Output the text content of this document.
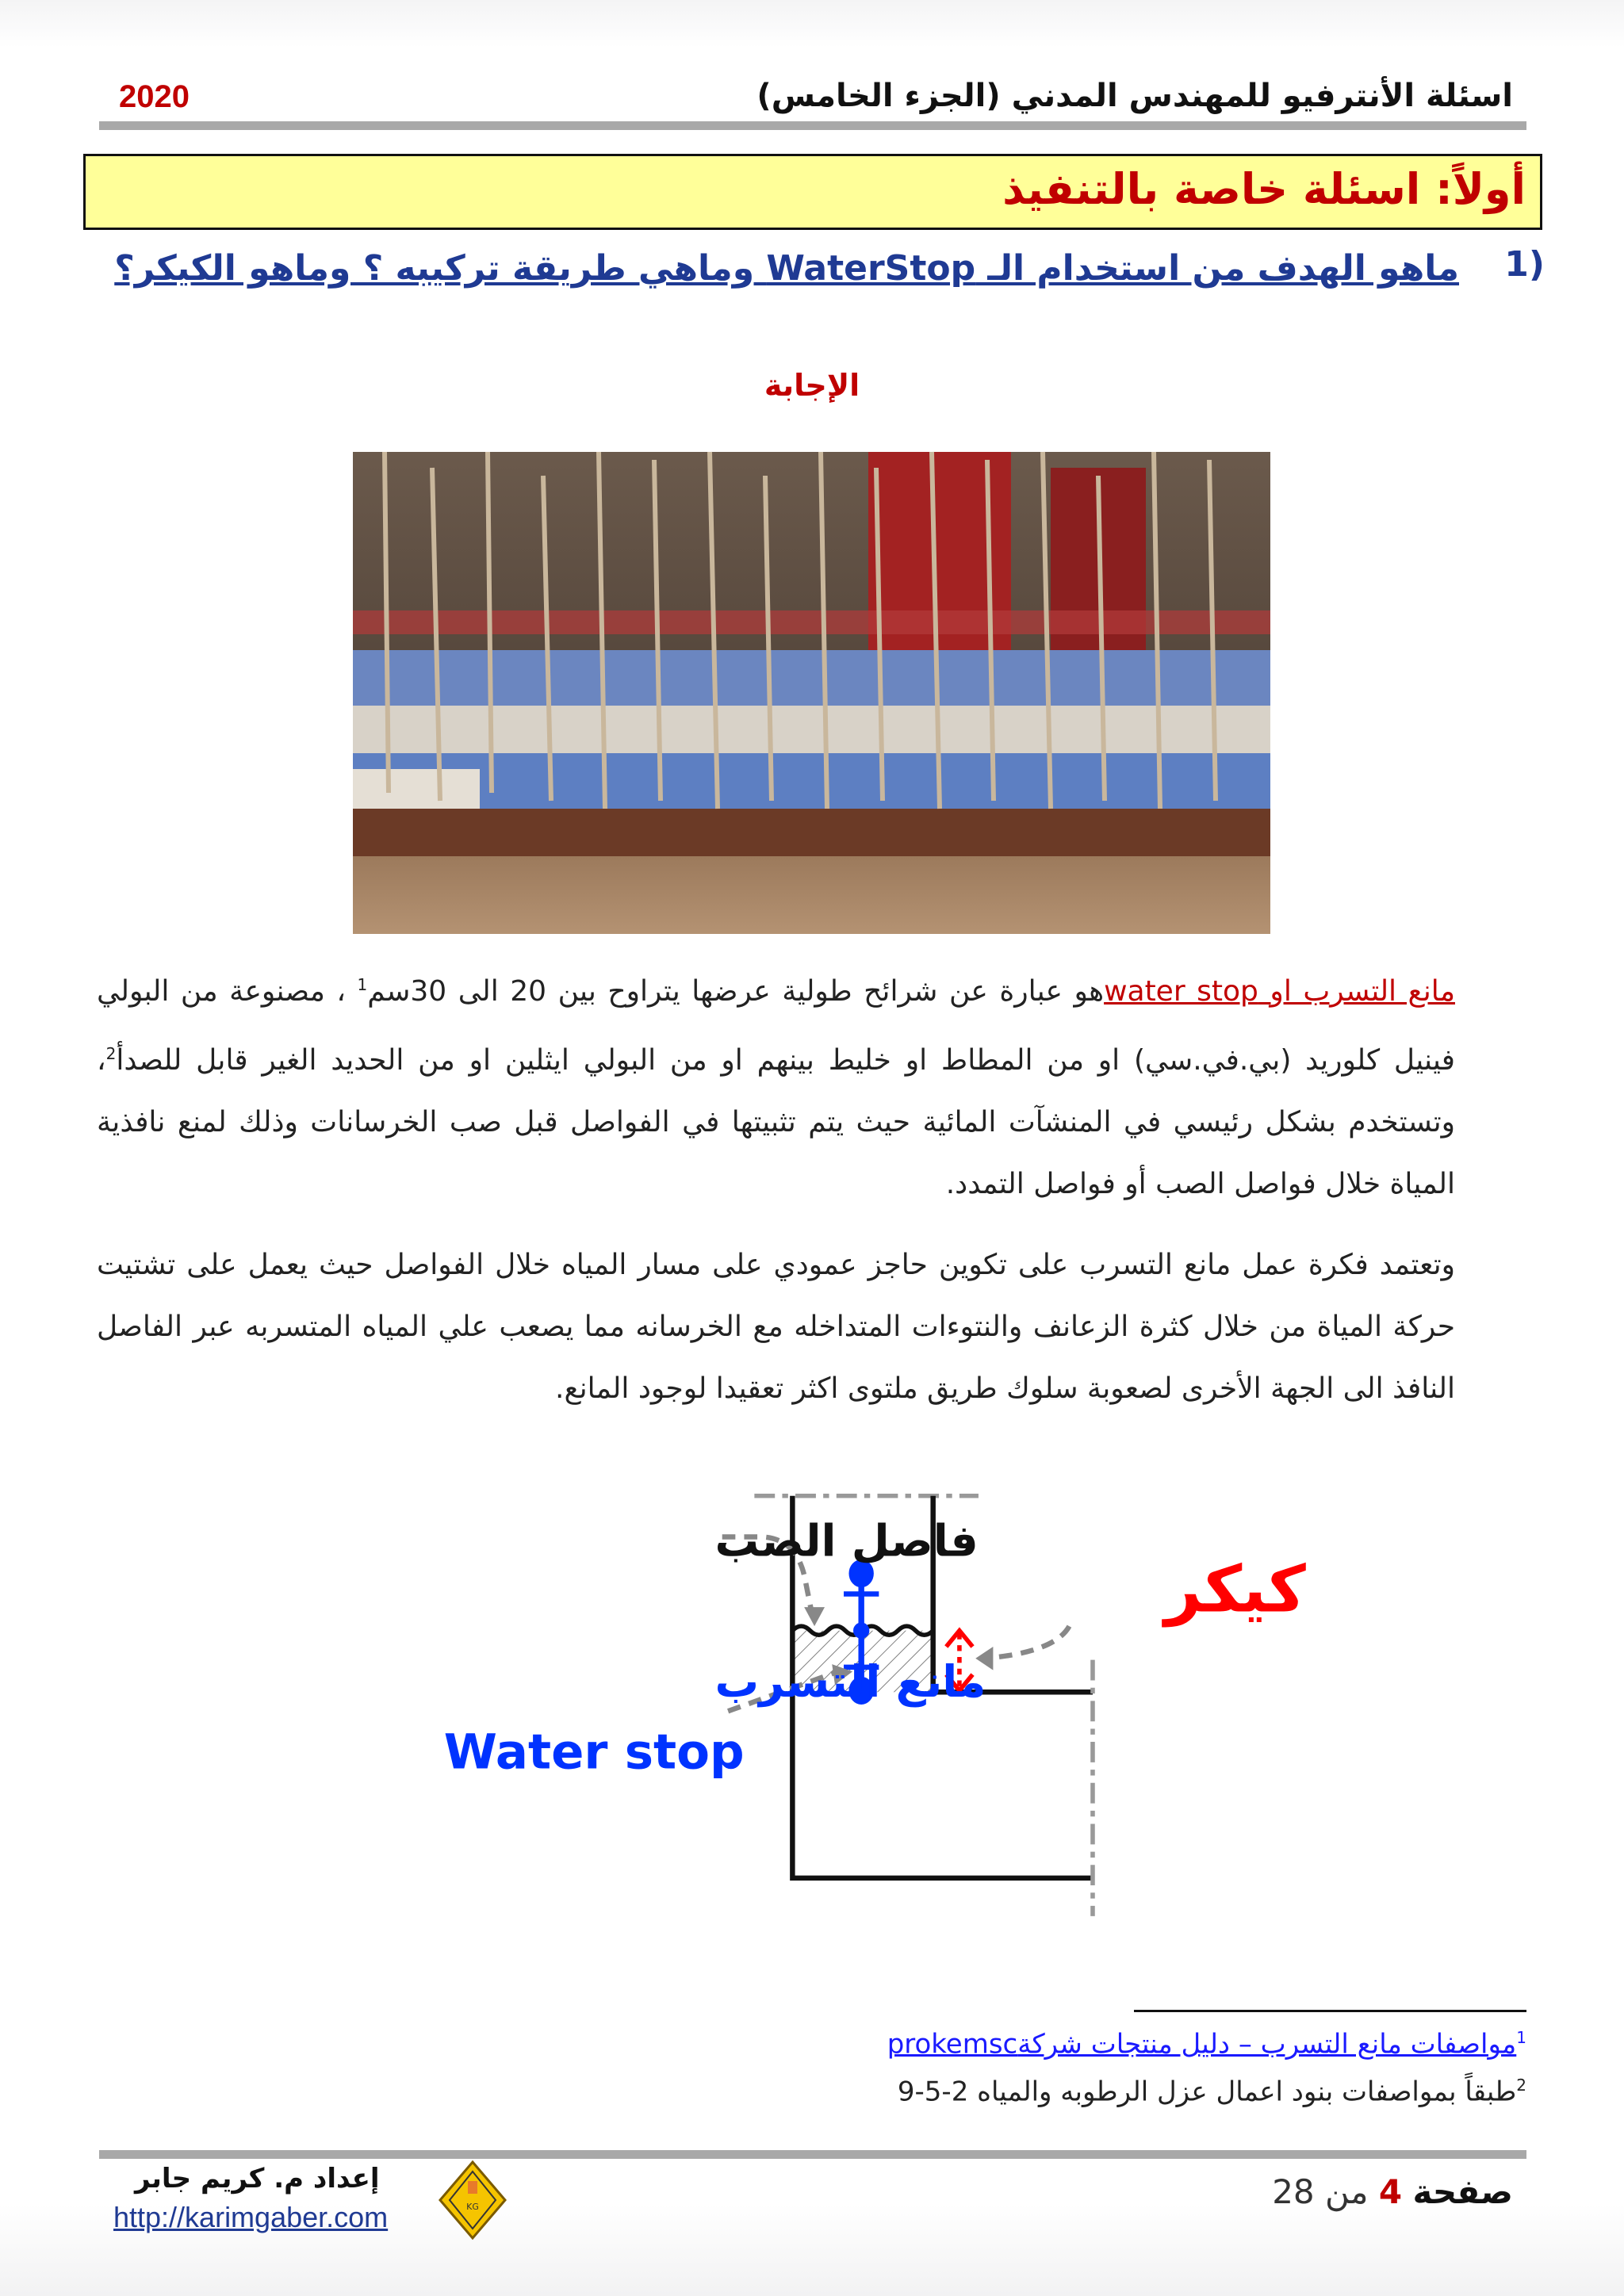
اسئلة الأنترفيو للمهندس المدني (الجزء الخامس)
2020
أولاً: اسئلة خاصة بالتنفيذ
1)
ماهو الهدف من استخدام الـ WaterStop وماهي طريقة تركيبه ؟ وماهو الكيكر؟
الإجابة
مانع التسرب او water stopهو عبارة عن شرائح طولية عرضها يتراوح بين 20 الى 30سم$^1$ ، مصنوعة من البولي فينيل كلوريد (بي.في.سي) او من المطاط او خليط بينهم او من البولي ايثلين او من الحديد الغير قابل للصدأ$^2$، وتستخدم بشكل رئيسي في المنشآت المائية حيث يتم تثبيتها في الفواصل قبل صب الخرسانات وذلك لمنع نافذية المياة خلال فواصل الصب أو فواصل التمدد.
وتعتمد فكرة عمل مانع التسرب على تكوين حاجز عمودي على مسار المياه خلال الفواصل حيث يعمل على تشتيت حركة المياة من خلال كثرة الزعانف والنتوءات المتداخله مع الخرسانه مما يصعب علي المياه المتسربه عبر الفاصل النافذ الى الجهة الأخرى لصعوبة سلوك طريق ملتوى اكثر تعقيدا لوجود المانع.
فاصل الصب
مانع التسرب
Water stop
كيكر
$^1$مواصفات مانع التسرب – دليل منتجات شركةprokemsc
$^2$طبقاً بمواصفات بنود اعمال عزل الرطوبه والمياه 2-5-9
صفحة 4 من 28
KG
إعداد م. كريم جابر
http://karimgaber.com
